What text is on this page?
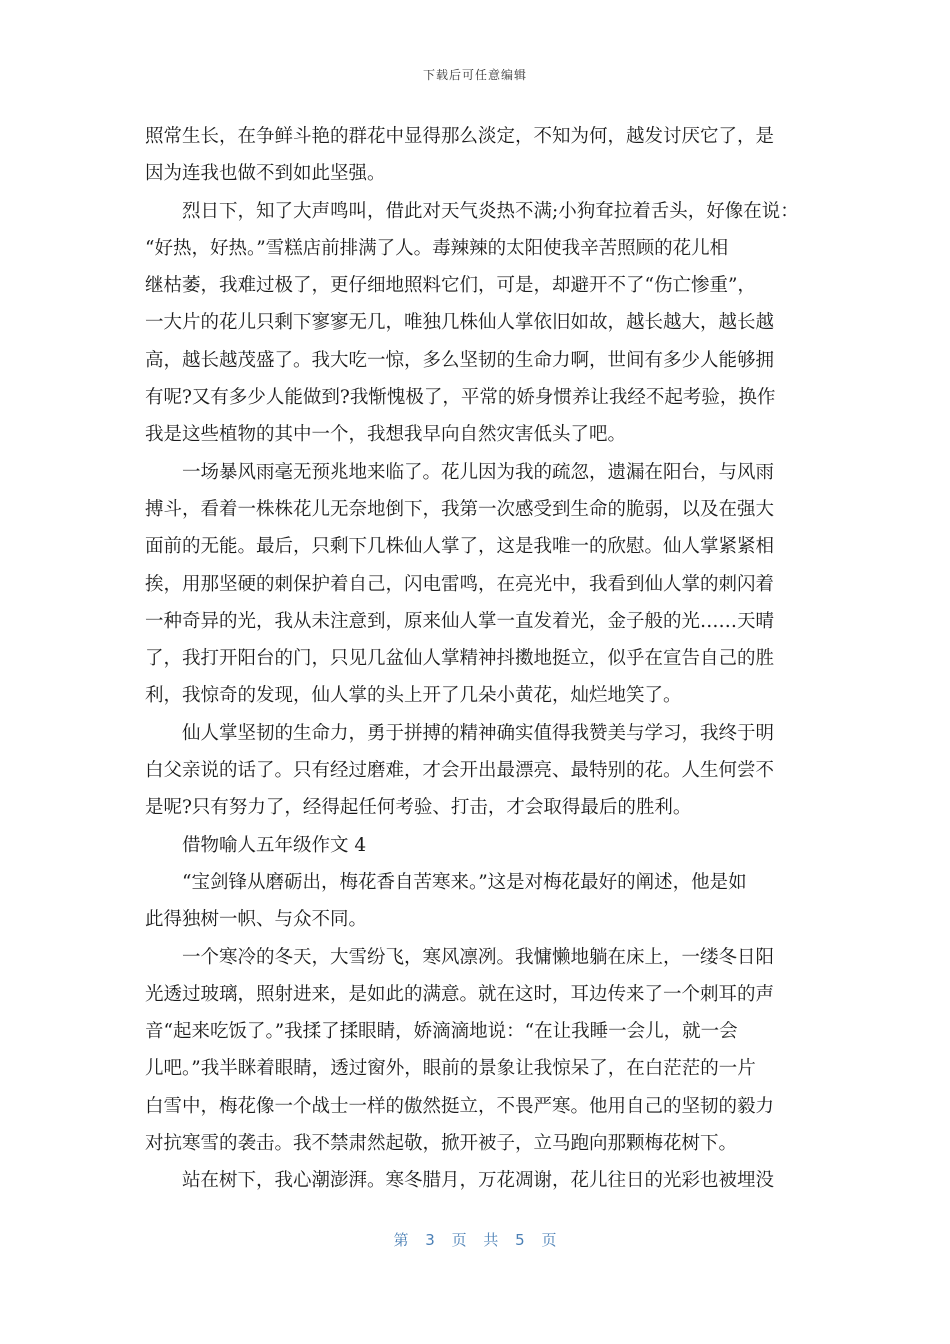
下载后可任意编辑
照常生长，在争鲜斗艳的群花中显得那么淡定，不知为何，越发讨厌它了，是
因为连我也做不到如此坚强。
烈日下，知了大声鸣叫，借此对天气炎热不满;小狗耷拉着舌头，好像在说：
“好热，好热。”雪糕店前排满了人。毒辣辣的太阳使我辛苦照顾的花儿相
继枯萎，我难过极了，更仔细地照料它们，可是，却避开不了“伤亡惨重”，
一大片的花儿只剩下寥寥无几，唯独几株仙人掌依旧如故，越长越大，越长越
高，越长越茂盛了。我大吃一惊，多么坚韧的生命力啊，世间有多少人能够拥
有呢?又有多少人能做到?我惭愧极了，平常的娇身惯养让我经不起考验，换作
我是这些植物的其中一个，我想我早向自然灾害低头了吧。
一场暴风雨毫无预兆地来临了。花儿因为我的疏忽，遗漏在阳台，与风雨
搏斗，看着一株株花儿无奈地倒下，我第一次感受到生命的脆弱，以及在强大
面前的无能。最后，只剩下几株仙人掌了，这是我唯一的欣慰。仙人掌紧紧相
挨，用那坚硬的刺保护着自己，闪电雷鸣，在亮光中，我看到仙人掌的刺闪着
一种奇异的光，我从未注意到，原来仙人掌一直发着光，金子般的光……天晴
了，我打开阳台的门，只见几盆仙人掌精神抖擞地挺立，似乎在宣告自己的胜
利，我惊奇的发现，仙人掌的头上开了几朵小黄花，灿烂地笑了。
仙人掌坚韧的生命力，勇于拼搏的精神确实值得我赞美与学习，我终于明
白父亲说的话了。只有经过磨难，才会开出最漂亮、最特别的花。人生何尝不
是呢?只有努力了，经得起任何考验、打击，才会取得最后的胜利。
借物喻人五年级作文 4
“宝剑锋从磨砺出，梅花香自苦寒来。”这是对梅花最好的阐述，他是如
此得独树一帜、与众不同。
一个寒冷的冬天，大雪纷飞，寒风凛冽。我慵懒地躺在床上，一缕冬日阳
光透过玻璃，照射进来，是如此的满意。就在这时，耳边传来了一个刺耳的声
音“起来吃饭了。”我揉了揉眼睛，娇滴滴地说：“在让我睡一会儿，就一会
儿吧。”我半眯着眼睛，透过窗外，眼前的景象让我惊呆了，在白茫茫的一片
白雪中，梅花像一个战士一样的傲然挺立，不畏严寒。他用自己的坚韧的毅力
对抗寒雪的袭击。我不禁肃然起敬，掀开被子，立马跑向那颗梅花树下。
站在树下，我心潮澎湃。寒冬腊月，万花凋谢，花儿往日的光彩也被埋没
第 3 页 共 5 页
